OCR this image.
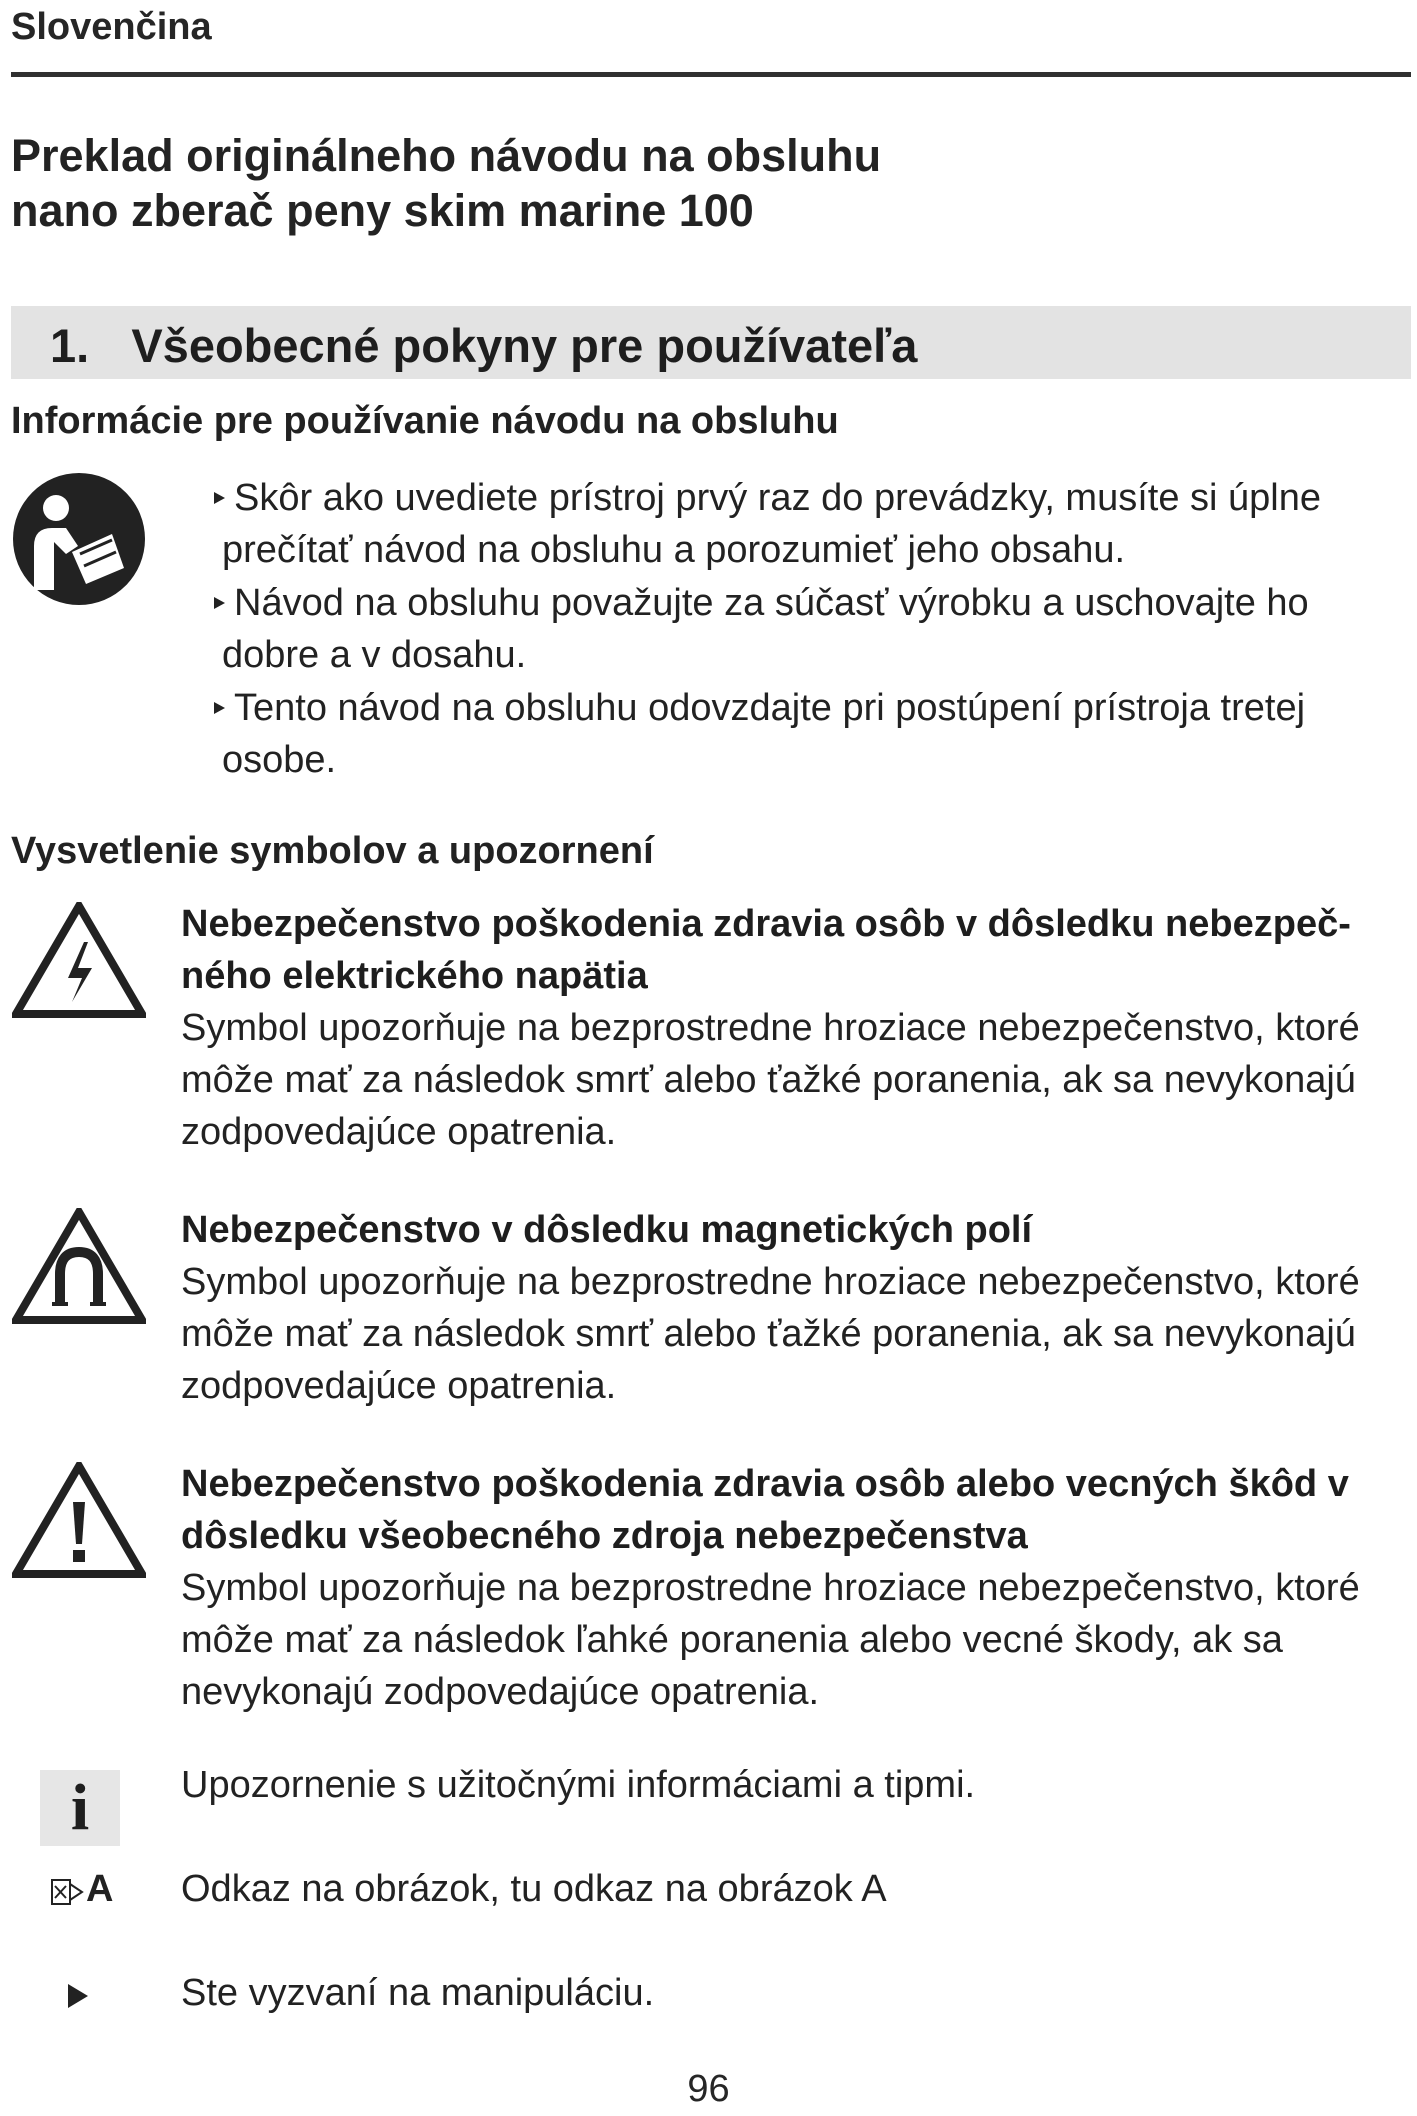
Slovenčina
Preklad originálneho návodu na obsluhu
nano zberač peny skim marine 100
1. Všeobecné pokyny pre používateľa
Informácie pre používanie návodu na obsluhu
Skôr ako uvediete prístroj prvý raz do prevádzky, musíte si úplne
prečítať návod na obsluhu a porozumieť jeho obsahu.
Návod na obsluhu považujte za súčasť výrobku a uschovajte ho
dobre a v dosahu.
Tento návod na obsluhu odovzdajte pri postúpení prístroja tretej
osobe.
Vysvetlenie symbolov a upozornení
Nebezpečenstvo poškodenia zdravia osôb v dôsledku nebezpeč-
ného elektrického napätia
Symbol upozorňuje na bezprostredne hroziace nebezpečenstvo, ktoré
môže mať za následok smrť alebo ťažké poranenia, ak sa nevykonajú
zodpovedajúce opatrenia.
Nebezpečenstvo v dôsledku magnetických polí
Symbol upozorňuje na bezprostredne hroziace nebezpečenstvo, ktoré
môže mať za následok smrť alebo ťažké poranenia, ak sa nevykonajú
zodpovedajúce opatrenia.
Nebezpečenstvo poškodenia zdravia osôb alebo vecných škôd v
dôsledku všeobecného zdroja nebezpečenstva
Symbol upozorňuje na bezprostredne hroziace nebezpečenstvo, ktoré
môže mať za následok ľahké poranenia alebo vecné škody, ak sa
nevykonajú zodpovedajúce opatrenia.
i	Upozornenie s užitočnými informáciami a tipmi.
A Odkaz na obrázok, tu odkaz na obrázok A
Ste vyzvaní na manipuláciu.
96
